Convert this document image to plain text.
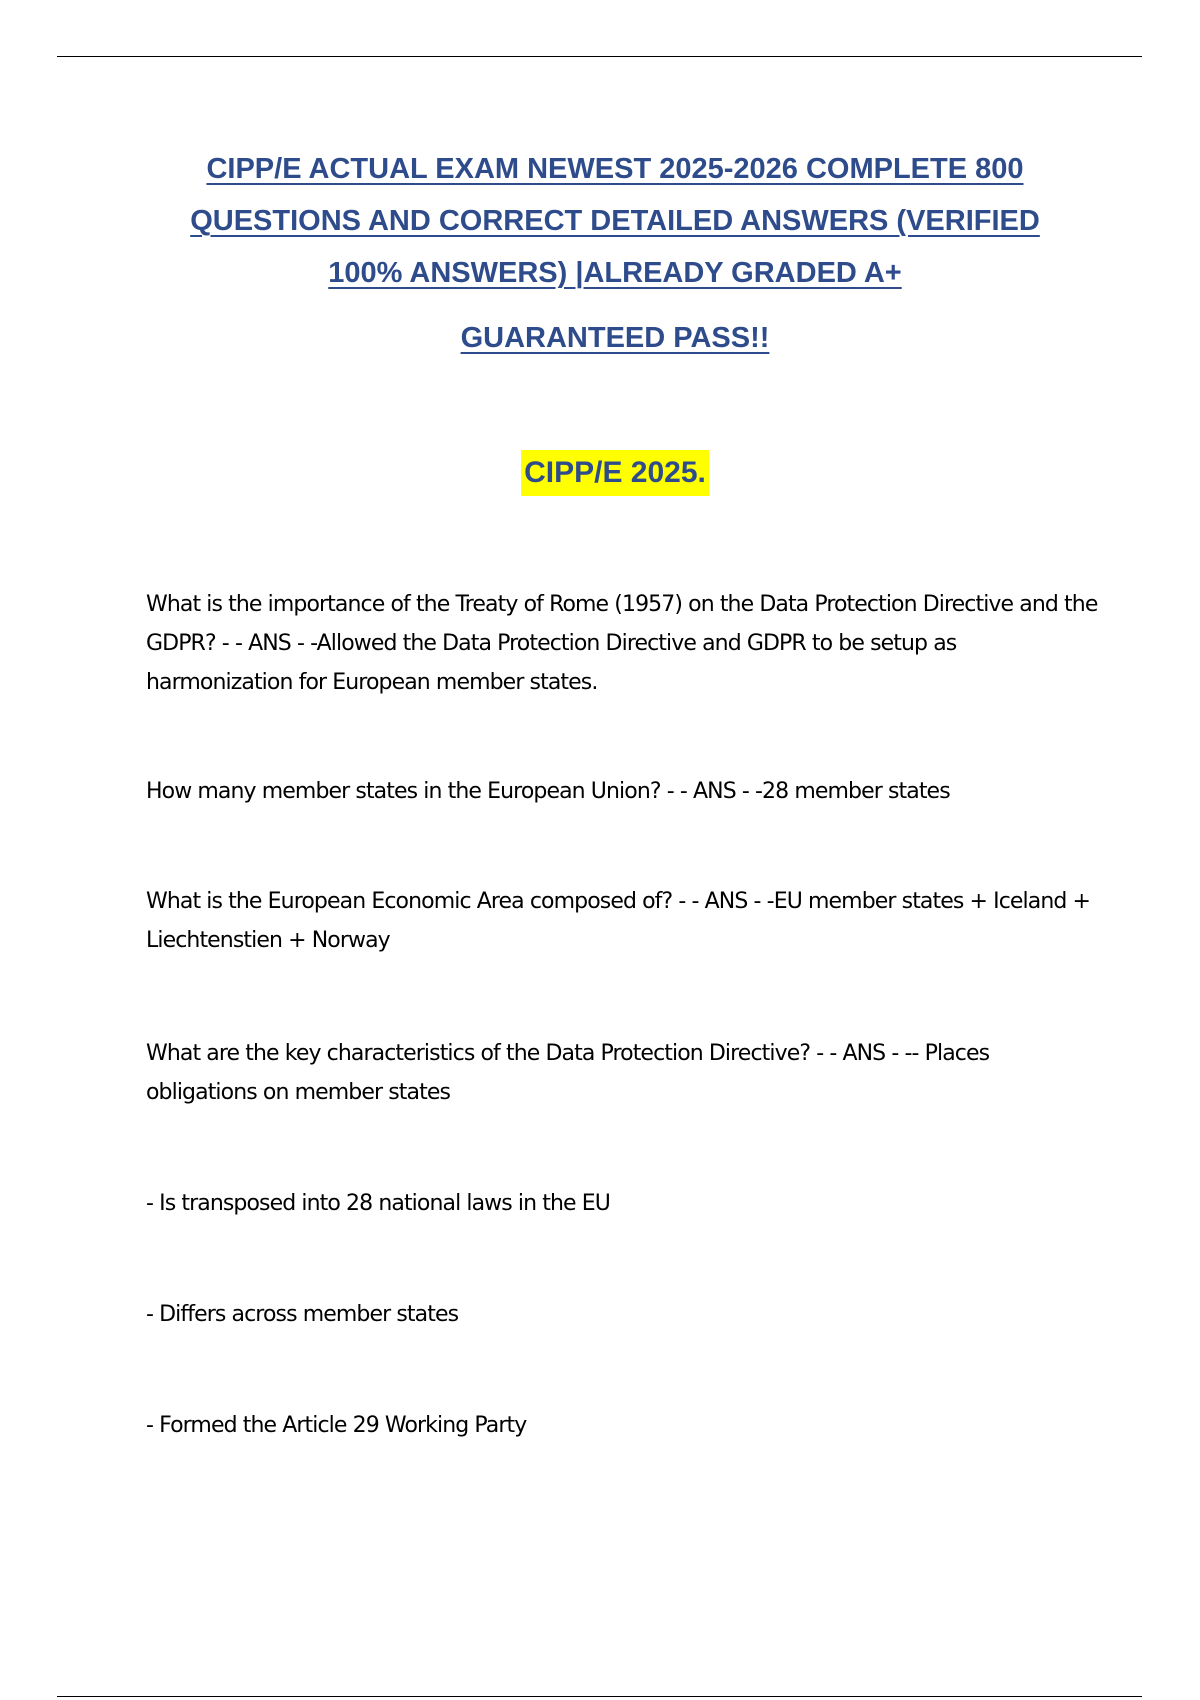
CIPP/E ACTUAL EXAM NEWEST 2025-2026 COMPLETE 800
QUESTIONS AND CORRECT DETAILED ANSWERS (VERIFIED
100% ANSWERS) |ALREADY GRADED A+
GUARANTEED PASS!!
CIPP/E 2025.

What is the importance of the Treaty of Rome (1957) on the Data Protection Directive and the GDPR? - - ANS - -Allowed the Data Protection Directive and GDPR to be setup as harmonization for European member states.

How many member states in the European Union? - - ANS - -28 member states

What is the European Economic Area composed of? - - ANS - -EU member states + Iceland + Liechtenstien + Norway

What are the key characteristics of the Data Protection Directive? - - ANS - -- Places obligations on member states

- Is transposed into 28 national laws in the EU

- Differs across member states

- Formed the Article 29 Working Party
